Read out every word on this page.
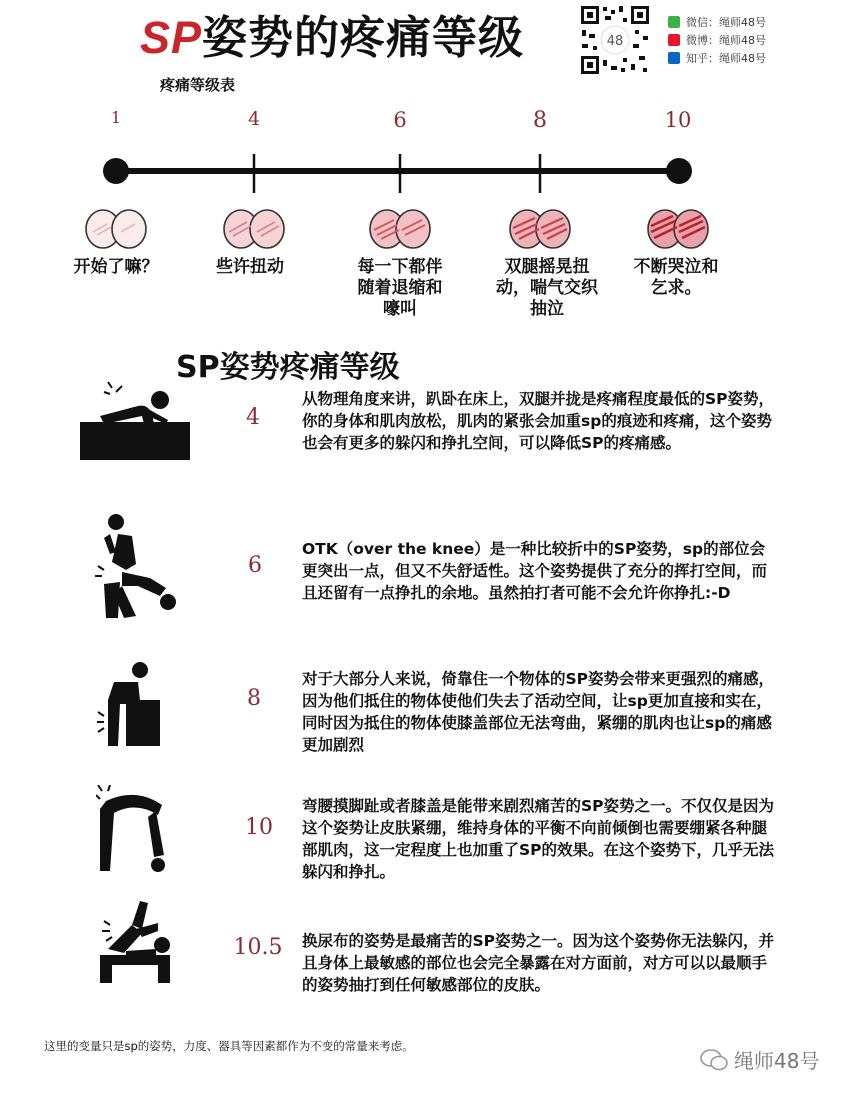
SP姿势的疼痛等级	48
微信：绳师48号
微博：绳师48号
知乎：绳师48号
疼痛等级表
1	4	6	8	10
开始了嘛？	些许扭动	每一下都伴随着退缩和嚎叫
双腿摇晃扭动，喘气交织抽泣
不断哭泣和乞求。
SP姿势疼痛等级
4
从物理角度来讲，趴卧在床上，双腿并拢是疼痛程度最低的SP姿势，你的身体和肌肉放松，肌肉的紧张会加重sp的痕迹和疼痛，这个姿势也会有更多的躲闪和挣扎空间，可以降低SP的疼痛感。
6
OTK（over the knee）是一种比较折中的SP姿势，sp的部位会更突出一点，但又不失舒适性。这个姿势提供了充分的挥打空间，而且还留有一点挣扎的余地。虽然拍打者可能不会允许你挣扎:-D
8
对于大部分人来说，倚靠住一个物体的SP姿势会带来更强烈的痛感，因为他们抵住的物体使他们失去了活动空间，让sp更加直接和实在，同时因为抵住的物体使膝盖部位无法弯曲，紧绷的肌肉也让sp的痛感更加剧烈
10
弯腰摸脚趾或者膝盖是能带来剧烈痛苦的SP姿势之一。不仅仅是因为这个姿势让皮肤紧绷，维持身体的平衡不向前倾倒也需要绷紧各种腿部肌肉，这一定程度上也加重了SP的效果。在这个姿势下，几乎无法躲闪和挣扎。
10.5 换尿布的姿势是最痛苦的SP姿势之一。因为这个姿势你无法躲闪，并且身体上最敏感的部位也会完全暴露在对方面前，对方可以以最顺手的姿势抽打到任何敏感部位的皮肤。
这里的变量只是sp的姿势，力度、器具等因素都作为不变的常量来考虑。
绳师48号
